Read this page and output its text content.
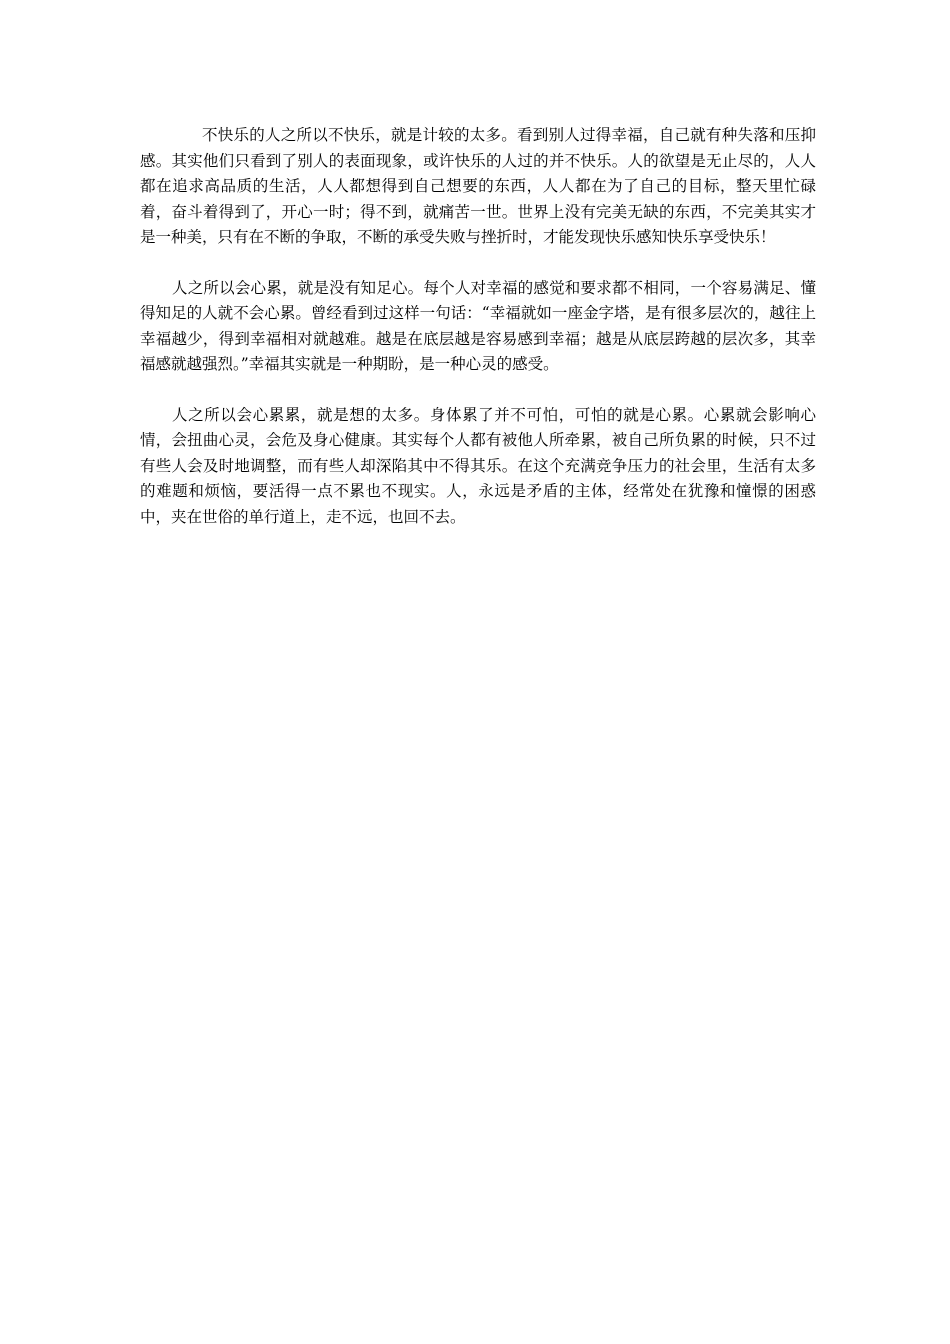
不快乐的人之所以不快乐，就是计较的太多。看到别人过得幸福，自己就有种失落和压抑感。其实他们只看到了别人的表面现象，或许快乐的人过的并不快乐。人的欲望是无止尽的，人人都在追求高品质的生活，人人都想得到自己想要的东西，人人都在为了自己的目标，整天里忙碌着，奋斗着得到了，开心一时；得不到，就痛苦一世。世界上没有完美无缺的东西，不完美其实才是一种美，只有在不断的争取，不断的承受失败与挫折时，才能发现快乐感知快乐享受快乐！

人之所以会心累，就是没有知足心。每个人对幸福的感觉和要求都不相同，一个容易满足、懂得知足的人就不会心累。曾经看到过这样一句话：“幸福就如一座金字塔，是有很多层次的，越往上幸福越少，得到幸福相对就越难。越是在底层越是容易感到幸福；越是从底层跨越的层次多，其幸福感就越强烈。”幸福其实就是一种期盼，是一种心灵的感受。

人之所以会心累累，就是想的太多。身体累了并不可怕，可怕的就是心累。心累就会影响心情，会扭曲心灵，会危及身心健康。其实每个人都有被他人所牵累，被自己所负累的时候，只不过有些人会及时地调整，而有些人却深陷其中不得其乐。在这个充满竞争压力的社会里，生活有太多的难题和烦恼，要活得一点不累也不现实。人，永远是矛盾的主体，经常处在犹豫和憧憬的困惑中，夹在世俗的单行道上，走不远，也回不去。
